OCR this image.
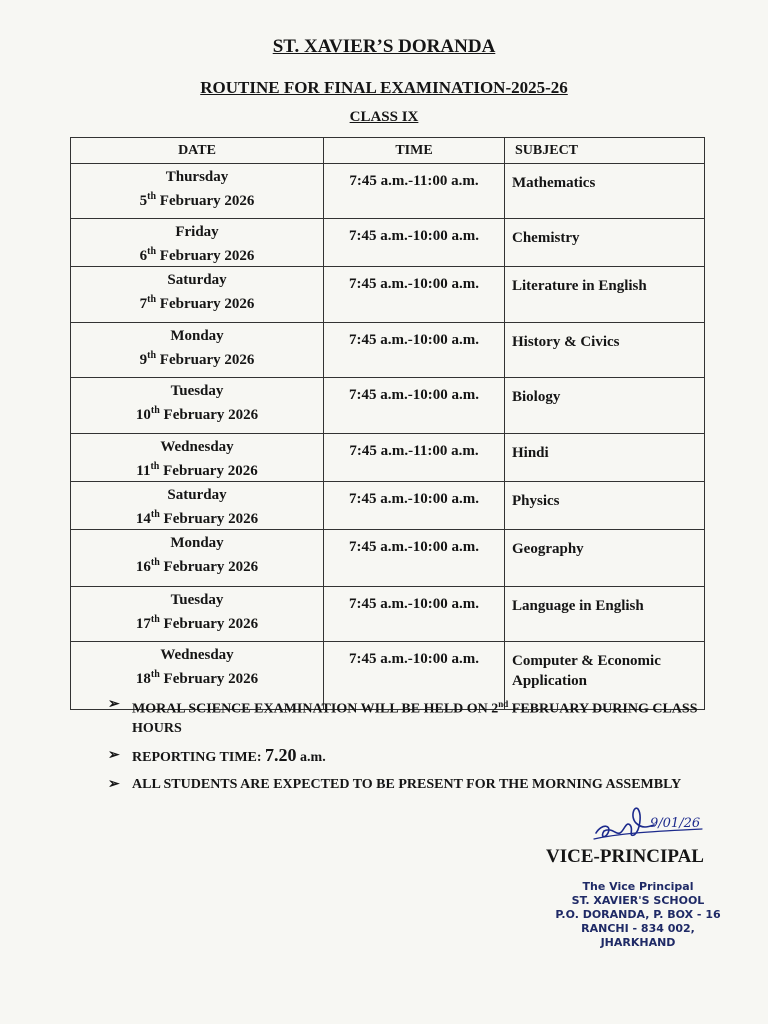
ST. XAVIER’S DORANDA
ROUTINE FOR FINAL EXAMINATION-2025-26
CLASS IX
DATE	TIME	SUBJECT

Thursday
5th February 2026	7:45 a.m.-11:00 a.m.	Mathematics

Friday
6th February 2026	7:45 a.m.-10:00 a.m.	Chemistry

Saturday
7th February 2026	7:45 a.m.-10:00 a.m.	Literature in English

Monday
9th February 2026	7:45 a.m.-10:00 a.m.	History & Civics

Tuesday
10th February 2026	7:45 a.m.-10:00 a.m.	Biology

Wednesday
11th February 2026	7:45 a.m.-11:00 a.m.	Hindi

Saturday
14th February 2026	7:45 a.m.-10:00 a.m.	Physics

Monday
16th February 2026	7:45 a.m.-10:00 a.m.	Geography

Tuesday
17th February 2026	7:45 a.m.-10:00 a.m.	Language in English

Wednesday
18th February 2026	7:45 a.m.-10:00 a.m.	Computer & Economic Application
➢ MORAL SCIENCE EXAMINATION WILL BE HELD ON 2nd FEBRUARY DURING CLASS HOURS
➢ REPORTING TIME: 7.20 a.m.
➢ ALL STUDENTS ARE EXPECTED TO BE PRESENT FOR THE MORNING ASSEMBLY
9/01/26
VICE-PRINCIPAL
The Vice Principal
ST. XAVIER'S SCHOOL
P.O. DORANDA, P. BOX - 16
RANCHI - 834 002, JHARKHAND
